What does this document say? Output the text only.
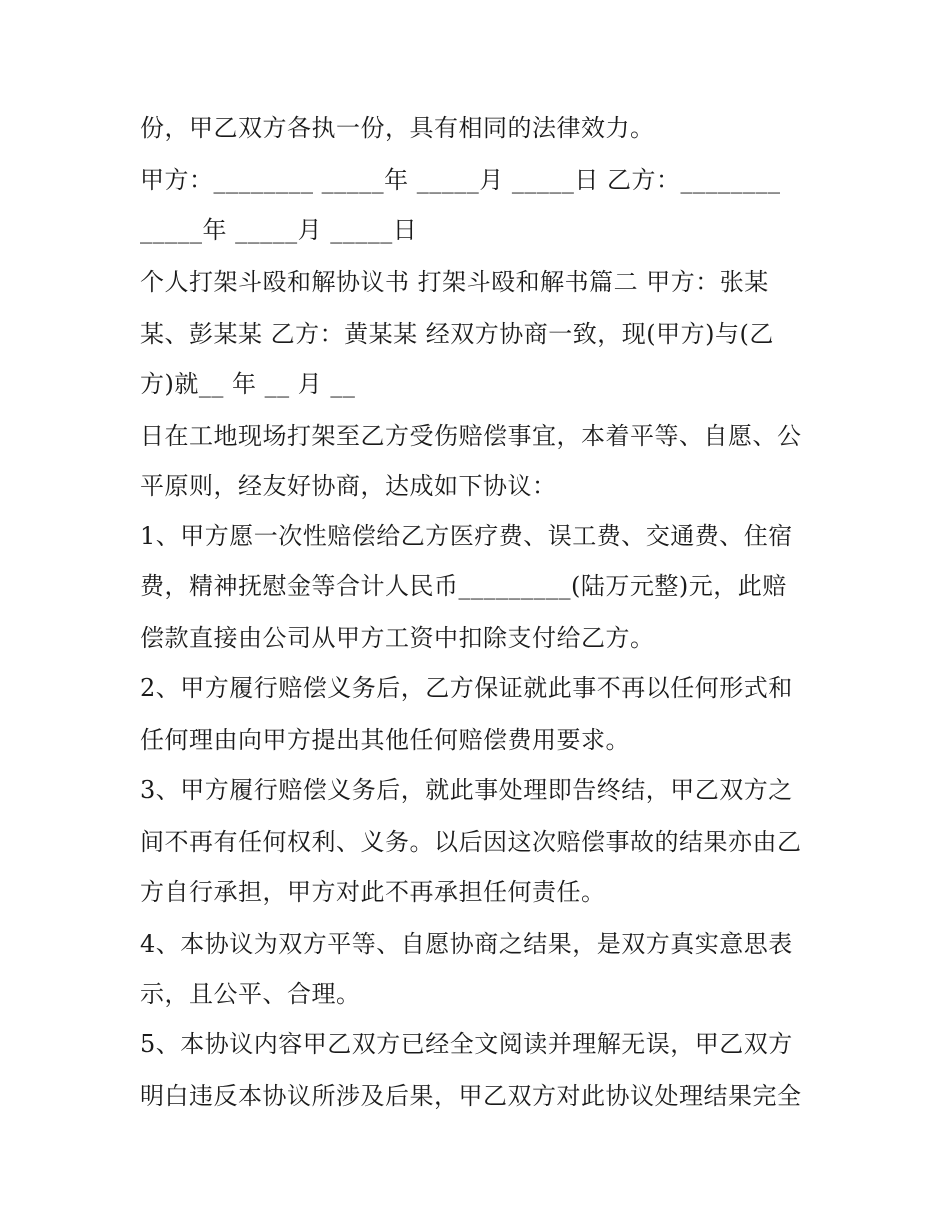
份，甲乙双方各执一份，具有相同的法律效力。
甲方：________ _____年 _____月 _____日 乙方：________
_____年 _____月 _____日
个人打架斗殴和解协议书 打架斗殴和解书篇二 甲方：张某
某、彭某某 乙方：黄某某 经双方协商一致，现(甲方)与(乙
方)就__ 年 __ 月 __
日在工地现场打架至乙方受伤赔偿事宜，本着平等、自愿、公
平原则，经友好协商，达成如下协议：
1、甲方愿一次性赔偿给乙方医疗费、误工费、交通费、住宿
费，精神抚慰金等合计人民币_________(陆万元整)元，此赔
偿款直接由公司从甲方工资中扣除支付给乙方。
2、甲方履行赔偿义务后，乙方保证就此事不再以任何形式和
任何理由向甲方提出其他任何赔偿费用要求。
3、甲方履行赔偿义务后，就此事处理即告终结，甲乙双方之
间不再有任何权利、义务。以后因这次赔偿事故的结果亦由乙
方自行承担，甲方对此不再承担任何责任。
4、本协议为双方平等、自愿协商之结果，是双方真实意思表
示，且公平、合理。
5、本协议内容甲乙双方已经全文阅读并理解无误，甲乙双方
明白违反本协议所涉及后果，甲乙双方对此协议处理结果完全
